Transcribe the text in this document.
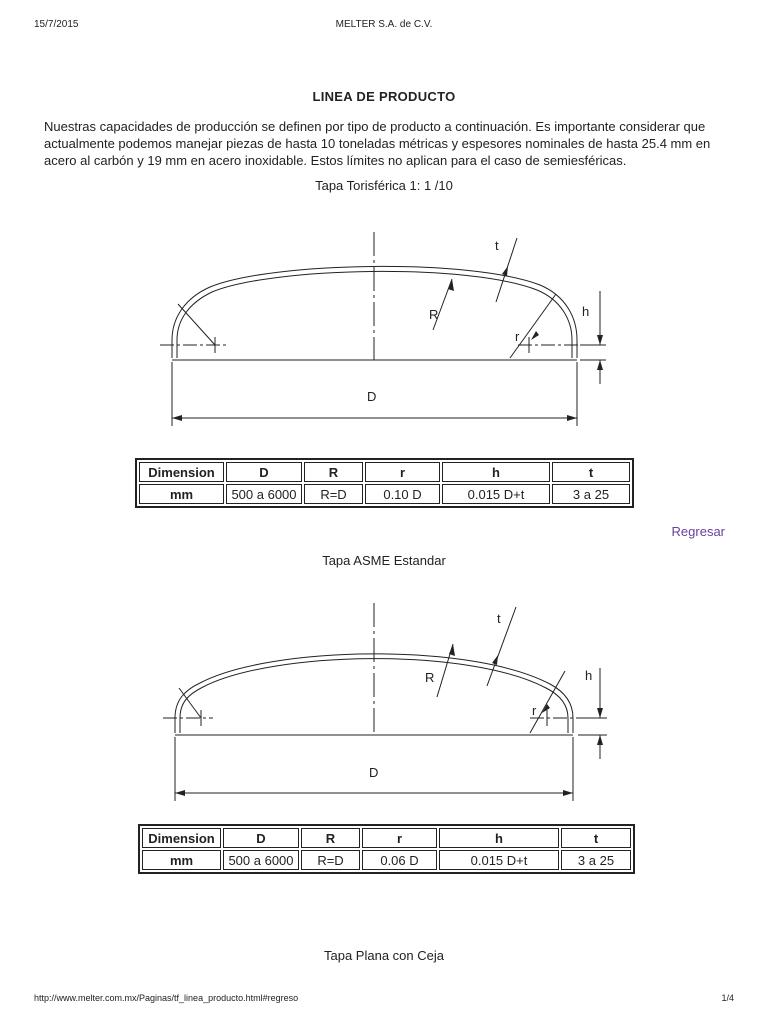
15/7/2015	MELTER S.A. de C.V.
LINEA DE PRODUCTO
Nuestras capacidades de producción se definen por tipo de producto a continuación. Es importante considerar que actualmente podemos manejar piezas de hasta 10 toneladas métricas y espesores nominales de hasta 25.4 mm en acero al carbón y 19 mm en acero inoxidable. Estos límites no aplican para el caso de semiesféricas.
Tapa Torisférica 1: 1 /10
t
R	h
r
D
Dimension	D	R	r	h	t
mm	500 a 6000	R=D	0.10 D	0.015 D+t	3 a 25
Regresar
Tapa ASME Estandar
t
R	h
r
D
Dimension	D	R	r	h	t
mm	500 a 6000	R=D	0.06 D	0.015 D+t	3 a 25
Tapa Plana con Ceja
http://www.melter.com.mx/Paginas/tf_linea_producto.html#regreso	1/4
